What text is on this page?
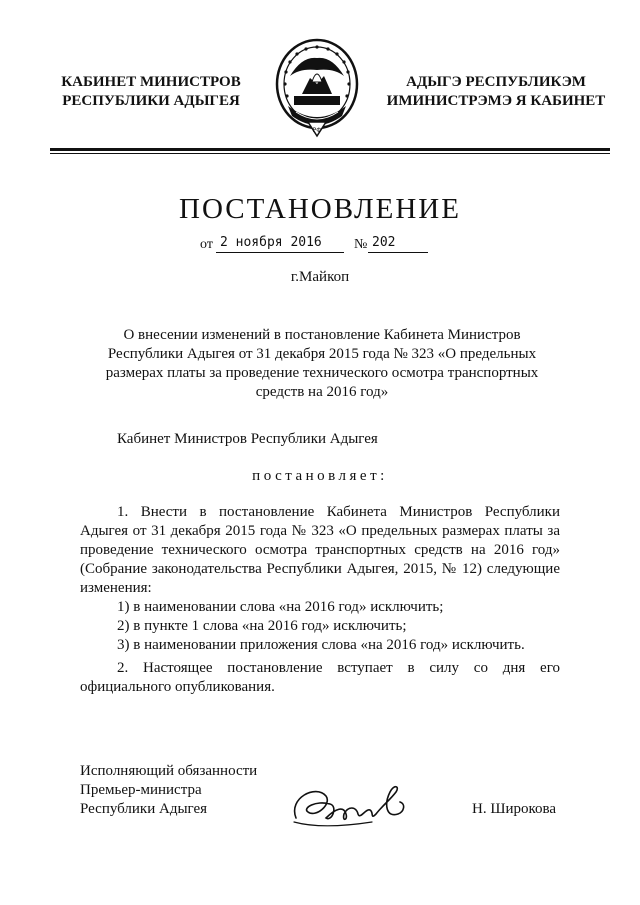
КАБИНЕТ МИНИСТРОВ
РЕСПУБЛИКИ АДЫГЕЯ
РФ
АДЫГЭ РЕСПУБЛИКЭМ
ИМИНИСТРЭМЭ Я КАБИНЕТ
ПОСТАНОВЛЕНИЕ
от 2 ноября 2016 № 202
г.Майкоп
О внесении изменений в постановление Кабинета Министров
Республики Адыгея от 31 декабря 2015 года № 323 «О предельных
размерах платы за проведение технического осмотра транспортных
средств на 2016 год»
Кабинет Министров Республики Адыгея
постановляет:
1. Внести в постановление Кабинета Министров Республики
Адыгея от 31 декабря 2015 года № 323 «О предельных размерах платы за
проведение технического осмотра транспортных средств на 2016 год»
(Собрание законодательства Республики Адыгея, 2015, № 12) следующие
изменения:
1) в наименовании слова «на 2016 год» исключить;
2) в пункте 1 слова «на 2016 год» исключить;
3) в наименовании приложения слова «на 2016 год» исключить.
2. Настоящее постановление вступает в силу со дня его
официального опубликования.
Исполняющий обязанности
Премьер-министра
Республики Адыгея	Н. Широкова
